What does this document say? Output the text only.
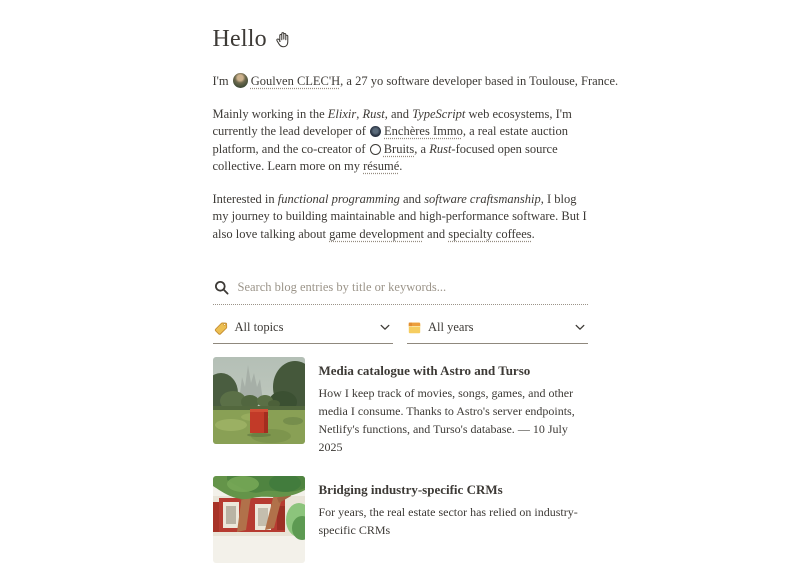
Hello

I'm Goulven CLEC'H, a 27 yo software developer based in Toulouse, France.

Mainly working in the Elixir, Rust, and TypeScript web ecosystems, I'm currently the lead developer of Enchères Immo, a real estate auction platform, and the co-creator of Bruits, a Rust-focused open source collective. Learn more on my résumé.

Interested in functional programming and software craftsmanship, I blog my journey to building maintainable and high-performance software. But I also love talking about game development and specialty coffees.

Search blog entries by title or keywords...
All topics	All years

Media catalogue with Astro and Turso

How I keep track of movies, songs, games, and other media I consume. Thanks to Astro's server endpoints, Netlify's functions, and Turso's database. — 10 July 2025

Bridging industry-specific CRMs

For years, the real estate sector has relied on industry-specific CRMs
